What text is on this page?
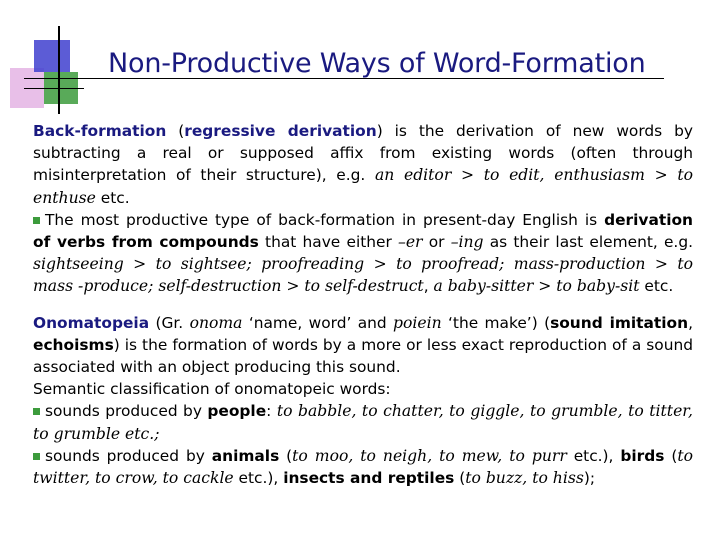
Non-Productive Ways of Word-Formation

Back-formation (regressive derivation) is the derivation of new words by subtracting a real or supposed affix from existing words (often through misinterpretation of their structure), e.g. an editor > to edit, enthusiasm > to enthuse etc.

The most productive type of back-formation in present-day English is derivation of verbs from compounds that have either –er or –ing as their last element, e.g. sightseeing > to sightsee; proofreading > to proofread; mass-production > to mass -produce; self-destruction > to self-destruct, a baby-sitter > to baby-sit etc.

Onomatopeia (Gr. onoma ‘name, word’ and poiein ‘the make’) (sound imitation, echoisms) is the formation of words by a more or less exact reproduction of a sound associated with an object producing this sound.

Semantic classification of onomatopeic words:

sounds produced by people: to babble, to chatter, to giggle, to grumble, to titter, to grumble etc.;

sounds produced by animals (to moo, to neigh, to mew, to purr etc.), birds (to twitter, to crow, to cackle etc.), insects and reptiles (to buzz, to hiss);
